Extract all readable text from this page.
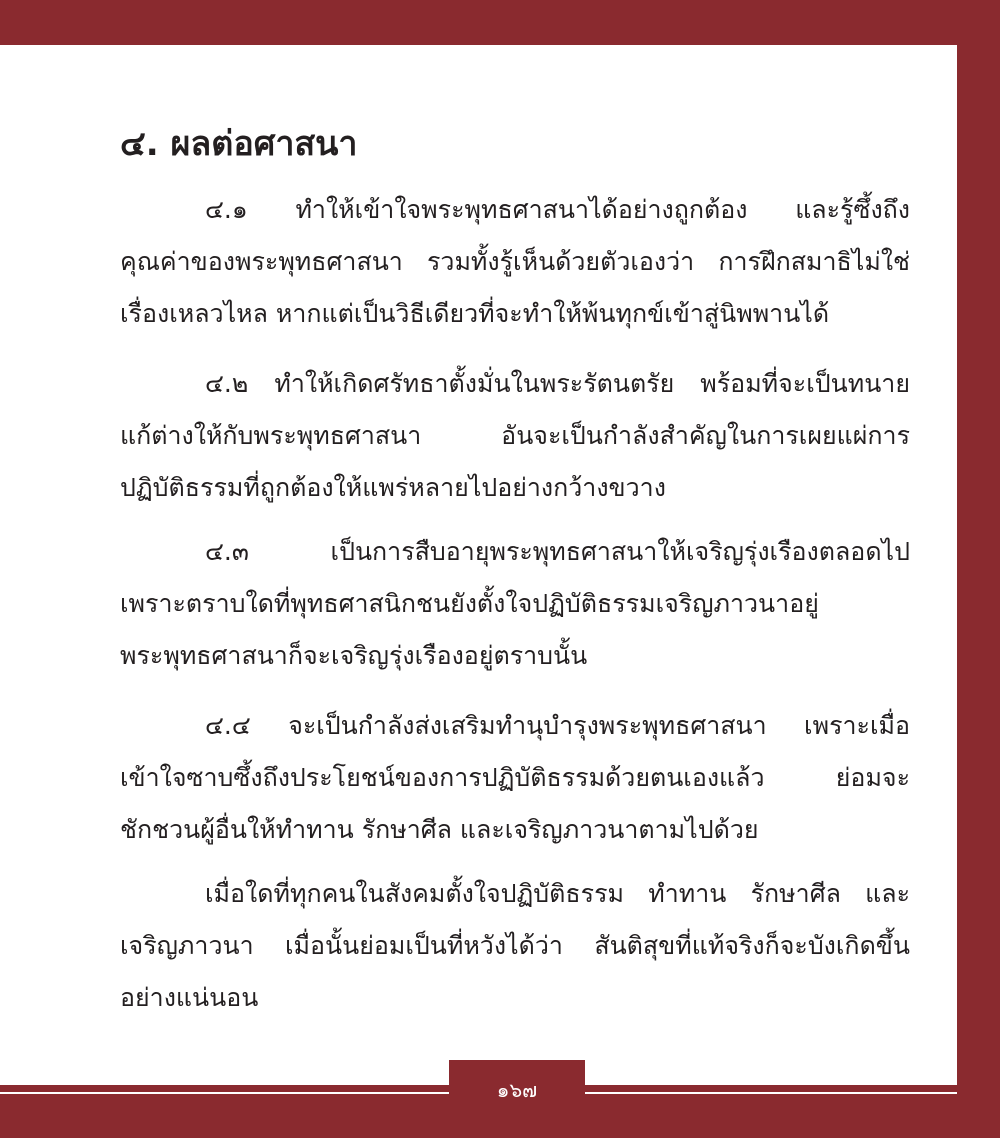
๔. ผลต่อศาสนา
๔.๑ ทำให้เข้าใจพระพุทธศาสนาได้อย่างถูกต้อง และรู้ซึ้งถึง
คุณค่าของพระพุทธศาสนา รวมทั้งรู้เห็นด้วยตัวเองว่า การฝึกสมาธิไม่ใช่
เรื่องเหลวไหล หากแต่เป็นวิธีเดียวที่จะทำให้พ้นทุกข์เข้าสู่นิพพานได้
๔.๒ ทำให้เกิดศรัทธาตั้งมั่นในพระรัตนตรัย พร้อมที่จะเป็นทนาย
แก้ต่างให้กับพระพุทธศาสนา อันจะเป็นกำลังสำคัญในการเผยแผ่การ
ปฏิบัติธรรมที่ถูกต้องให้แพร่หลายไปอย่างกว้างขวาง
๔.๓ เป็นการสืบอายุพระพุทธศาสนาให้เจริญรุ่งเรืองตลอดไป
เพราะตราบใดที่พุทธศาสนิกชนยังตั้งใจปฏิบัติธรรมเจริญภาวนาอยู่
พระพุทธศาสนาก็จะเจริญรุ่งเรืองอยู่ตราบนั้น
๔.๔ จะเป็นกำลังส่งเสริมทำนุบำรุงพระพุทธศาสนา เพราะเมื่อ
เข้าใจซาบซึ้งถึงประโยชน์ของการปฏิบัติธรรมด้วยตนเองแล้ว ย่อมจะ
ชักชวนผู้อื่นให้ทำทาน รักษาศีล และเจริญภาวนาตามไปด้วย
เมื่อใดที่ทุกคนในสังคมตั้งใจปฏิบัติธรรม ทำทาน รักษาศีล และ
เจริญภาวนา เมื่อนั้นย่อมเป็นที่หวังได้ว่า สันติสุขที่แท้จริงก็จะบังเกิดขึ้น
อย่างแน่นอน
๑๖๗
